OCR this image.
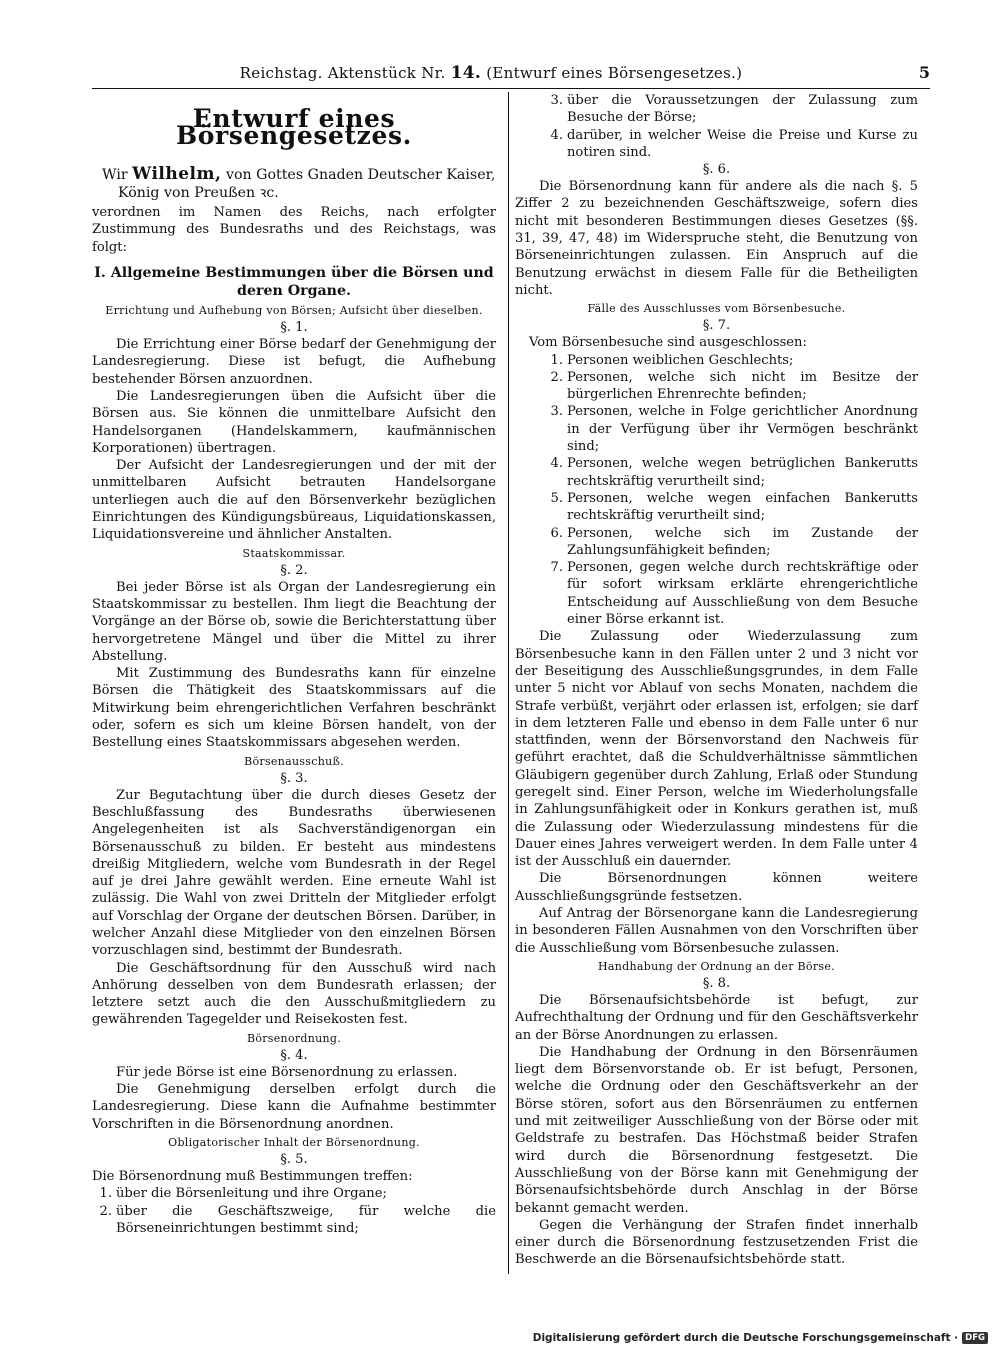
Reichstag. Aktenstück Nr. 14. (Entwurf eines Börsengesetzes.)	5
Entwurf eines Börsengesetzes.
Wir Wilhelm, von Gottes Gnaden Deutscher Kaiser,
König von Preußen ꝛc.

verordnen im Namen des Reichs, nach erfolgter Zustimmung des Bundesraths und des Reichstags, was folgt:

I. Allgemeine Bestimmungen über die Börsen und deren Organe.
Errichtung und Aufhebung von Börsen; Aufsicht über dieselben.
§. 1.

Die Errichtung einer Börse bedarf der Genehmigung der Landesregierung. Diese ist befugt, die Aufhebung bestehender Börsen anzuordnen.

Die Landesregierungen üben die Aufsicht über die Börsen aus. Sie können die unmittelbare Aufsicht den Handelsorganen (Handelskammern, kaufmännischen Korporationen) übertragen.

Der Aufsicht der Landesregierungen und der mit der unmittelbaren Aufsicht betrauten Handelsorgane unterliegen auch die auf den Börsenverkehr bezüglichen Einrichtungen des Kündigungsbüreaus, Liquidationskassen, Liquidationsvereine und ähnlicher Anstalten.

Staatskommissar.
§. 2.

Bei jeder Börse ist als Organ der Landesregierung ein Staatskommissar zu bestellen. Ihm liegt die Beachtung der Vorgänge an der Börse ob, sowie die Berichterstattung über hervorgetretene Mängel und über die Mittel zu ihrer Abstellung.

Mit Zustimmung des Bundesraths kann für einzelne Börsen die Thätigkeit des Staatskommissars auf die Mitwirkung beim ehrengerichtlichen Verfahren beschränkt oder, sofern es sich um kleine Börsen handelt, von der Bestellung eines Staatskommissars abgesehen werden.

Börsenausschuß.
§. 3.

Zur Begutachtung über die durch dieses Gesetz der Beschlußfassung des Bundesraths überwiesenen Angelegenheiten ist als Sachverständigenorgan ein Börsenausschuß zu bilden. Er besteht aus mindestens dreißig Mitgliedern, welche vom Bundesrath in der Regel auf je drei Jahre gewählt werden. Eine erneute Wahl ist zulässig. Die Wahl von zwei Dritteln der Mitglieder erfolgt auf Vorschlag der Organe der deutschen Börsen. Darüber, in welcher Anzahl diese Mitglieder von den einzelnen Börsen vorzuschlagen sind, bestimmt der Bundesrath.

Die Geschäftsordnung für den Ausschuß wird nach Anhörung desselben von dem Bundesrath erlassen; der letztere setzt auch die den Ausschußmitgliedern zu gewährenden Tagegelder und Reisekosten fest.

Börsenordnung.
§. 4.

Für jede Börse ist eine Börsenordnung zu erlassen.

Die Genehmigung derselben erfolgt durch die Landesregierung. Diese kann die Aufnahme bestimmter Vorschriften in die Börsenordnung anordnen.

Obligatorischer Inhalt der Börsenordnung.
§. 5.

Die Börsenordnung muß Bestimmungen treffen:

1. über die Börsenleitung und ihre Organe;
2. über die Geschäftszweige, für welche die Börseneinrichtungen bestimmt sind;
3. über die Voraussetzungen der Zulassung zum Besuche der Börse;
4. darüber, in welcher Weise die Preise und Kurse zu notiren sind.
§. 6.

Die Börsenordnung kann für andere als die nach §. 5 Ziffer 2 zu bezeichnenden Geschäftszweige, sofern dies nicht mit besonderen Bestimmungen dieses Gesetzes (§§. 31, 39, 47, 48) im Widerspruche steht, die Benutzung von Börseneinrichtungen zulassen. Ein Anspruch auf die Benutzung erwächst in diesem Falle für die Betheiligten nicht.

Fälle des Ausschlusses vom Börsenbesuche.
§. 7.

Vom Börsenbesuche sind ausgeschlossen:

1. Personen weiblichen Geschlechts;
2. Personen, welche sich nicht im Besitze der bürgerlichen Ehrenrechte befinden;
3. Personen, welche in Folge gerichtlicher Anordnung in der Verfügung über ihr Vermögen beschränkt sind;
4. Personen, welche wegen betrüglichen Bankerutts rechtskräftig verurtheilt sind;
5. Personen, welche wegen einfachen Bankerutts rechtskräftig verurtheilt sind;
6. Personen, welche sich im Zustande der Zahlungsunfähigkeit befinden;
7. Personen, gegen welche durch rechtskräftige oder für sofort wirksam erklärte ehrengerichtliche Entscheidung auf Ausschließung von dem Besuche einer Börse erkannt ist.

Die Zulassung oder Wiederzulassung zum Börsenbesuche kann in den Fällen unter 2 und 3 nicht vor der Beseitigung des Ausschließungsgrundes, in dem Falle unter 5 nicht vor Ablauf von sechs Monaten, nachdem die Strafe verbüßt, verjährt oder erlassen ist, erfolgen; sie darf in dem letzteren Falle und ebenso in dem Falle unter 6 nur stattfinden, wenn der Börsenvorstand den Nachweis für geführt erachtet, daß die Schuldverhältnisse sämmtlichen Gläubigern gegenüber durch Zahlung, Erlaß oder Stundung geregelt sind. Einer Person, welche im Wiederholungsfalle in Zahlungsunfähigkeit oder in Konkurs gerathen ist, muß die Zulassung oder Wiederzulassung mindestens für die Dauer eines Jahres verweigert werden. In dem Falle unter 4 ist der Ausschluß ein dauernder.

Die Börsenordnungen können weitere Ausschließungsgründe festsetzen.

Auf Antrag der Börsenorgane kann die Landesregierung in besonderen Fällen Ausnahmen von den Vorschriften über die Ausschließung vom Börsenbesuche zulassen.

Handhabung der Ordnung an der Börse.
§. 8.

Die Börsenaufsichtsbehörde ist befugt, zur Aufrechthaltung der Ordnung und für den Geschäftsverkehr an der Börse Anordnungen zu erlassen.

Die Handhabung der Ordnung in den Börsenräumen liegt dem Börsenvorstande ob. Er ist befugt, Personen, welche die Ordnung oder den Geschäftsverkehr an der Börse stören, sofort aus den Börsenräumen zu entfernen und mit zeitweiliger Ausschließung von der Börse oder mit Geldstrafe zu bestrafen. Das Höchstmaß beider Strafen wird durch die Börsenordnung festgesetzt. Die Ausschließung von der Börse kann mit Genehmigung der Börsenaufsichtsbehörde durch Anschlag in der Börse bekannt gemacht werden.

Gegen die Verhängung der Strafen findet innerhalb einer durch die Börsenordnung festzusetzenden Frist die Beschwerde an die Börsenaufsichtsbehörde statt.

Digitalisierung gefördert durch die Deutsche Forschungsgemeinschaft · DFG
